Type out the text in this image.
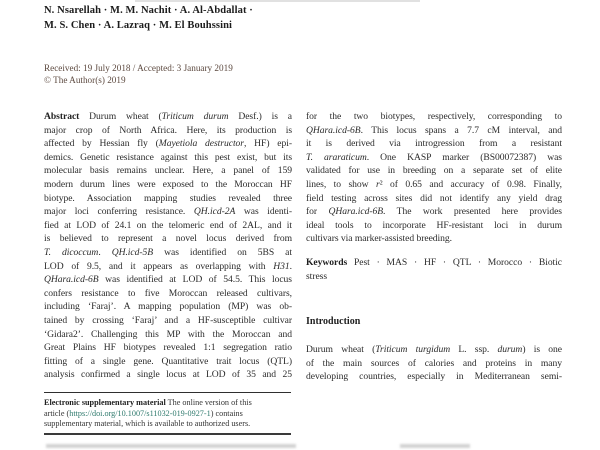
N. Nsarellah · M. M. Nachit · A. Al-Abdallat ·
M. S. Chen · A. Lazraq · M. El Bouhssini
Received: 19 July 2018 / Accepted: 3 January 2019
© The Author(s) 2019
Abstract Durum wheat (Triticum durum Desf.) is a
major crop of North Africa. Here, its production is
affected by Hessian fly (Mayetiola destructor, HF) epi-
demics. Genetic resistance against this pest exist, but its
molecular basis remains unclear. Here, a panel of 159
modern durum lines were exposed to the Moroccan HF
biotype. Association mapping studies revealed three
major loci conferring resistance. QH.icd-2A was identi-
fied at LOD of 24.1 on the telomeric end of 2AL, and it
is believed to represent a novel locus derived from
T. dicoccum. QH.icd-5B was identified on 5BS at
LOD of 9.5, and it appears as overlapping with H31.
QHara.icd-6B was identified at LOD of 54.5. This locus
confers resistance to five Moroccan released cultivars,
including ‘Faraj’. A mapping population (MP) was ob-
tained by crossing ‘Faraj’ and a HF-susceptible cultivar
‘Gidara2’. Challenging this MP with the Moroccan and
Great Plains HF biotypes revealed 1:1 segregation ratio
fitting of a single gene. Quantitative trait locus (QTL)
analysis confirmed a single locus at LOD of 35 and 25
for the two biotypes, respectively, corresponding to
QHara.icd-6B. This locus spans a 7.7 cM interval, and
it is derived via introgression from a resistant
T. araraticum. One KASP marker (BS00072387) was
validated for use in breeding on a separate set of elite
lines, to show r² of 0.65 and accuracy of 0.98. Finally,
field testing across sites did not identify any yield drag
for QHara.icd-6B. The work presented here provides
ideal tools to incorporate HF-resistant loci in durum
cultivars via marker-assisted breeding.
Keywords Pest · MAS · HF · QTL · Morocco · Biotic
stress
Introduction
Durum wheat (Triticum turgidum L. ssp. durum) is one
of the main sources of calories and proteins in many
developing countries, especially in Mediterranean semi-
Electronic supplementary material The online version of this
article (https://doi.org/10.1007/s11032-019-0927-1) contains
supplementary material, which is available to authorized users.
